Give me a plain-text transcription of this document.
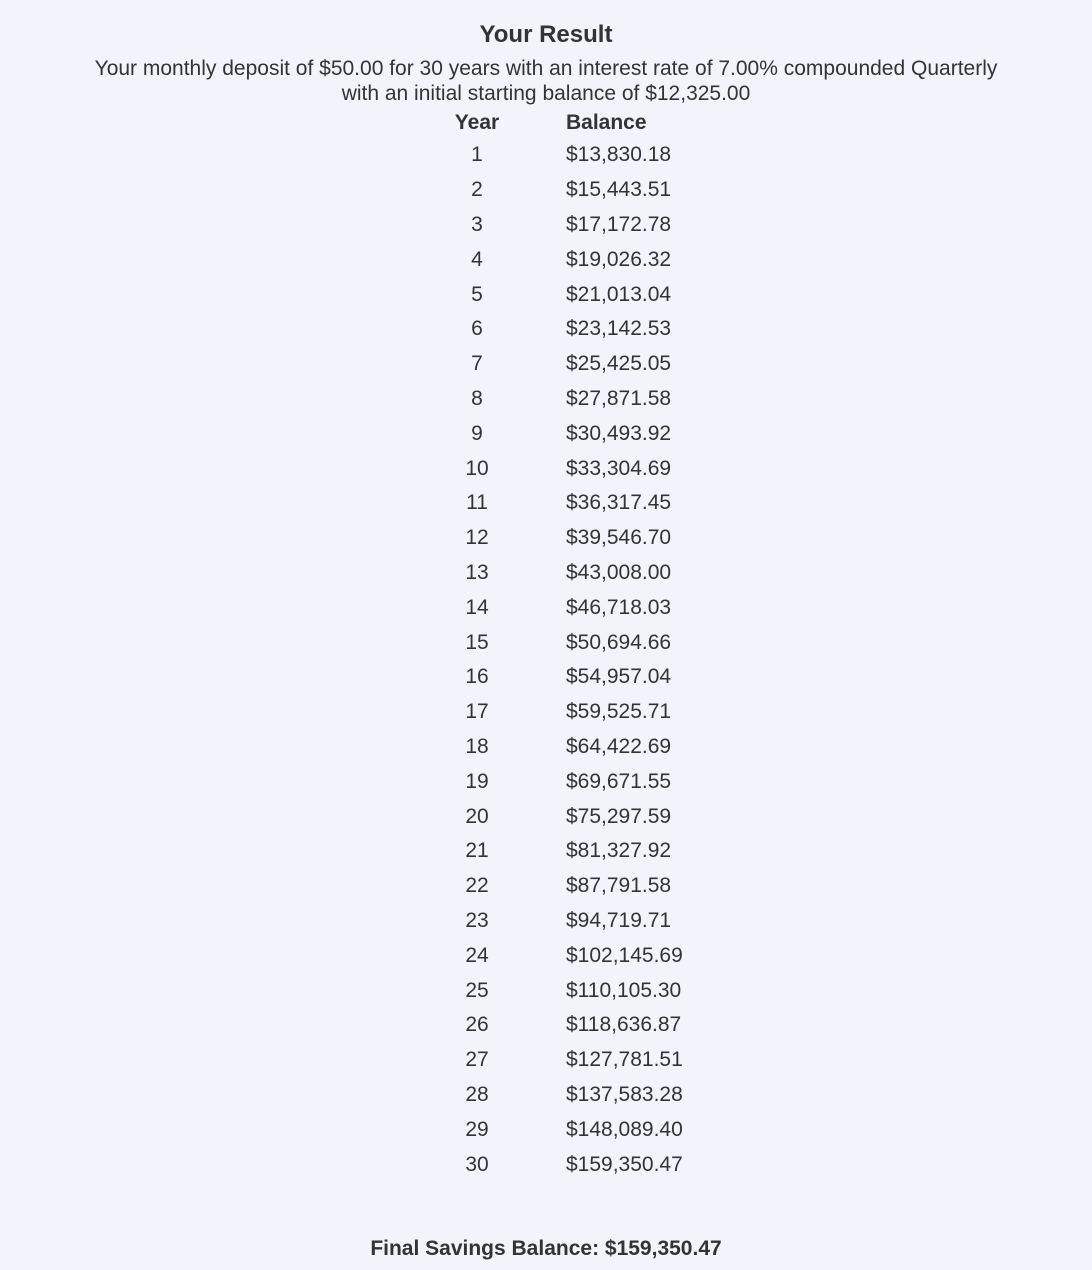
Your Result
Your monthly deposit of $50.00 for 30 years with an interest rate of 7.00% compounded Quarterly
with an initial starting balance of $12,325.00
Year	Balance
1	$13,830.18
2	$15,443.51
3	$17,172.78
4	$19,026.32
5	$21,013.04
6	$23,142.53
7	$25,425.05
8	$27,871.58
9	$30,493.92
10	$33,304.69
11	$36,317.45
12	$39,546.70
13	$43,008.00
14	$46,718.03
15	$50,694.66
16	$54,957.04
17	$59,525.71
18	$64,422.69
19	$69,671.55
20	$75,297.59
21	$81,327.92
22	$87,791.58
23	$94,719.71
24	$102,145.69
25	$110,105.30
26	$118,636.87
27	$127,781.51
28	$137,583.28
29	$148,089.40
30	$159,350.47
Final Savings Balance: $159,350.47
